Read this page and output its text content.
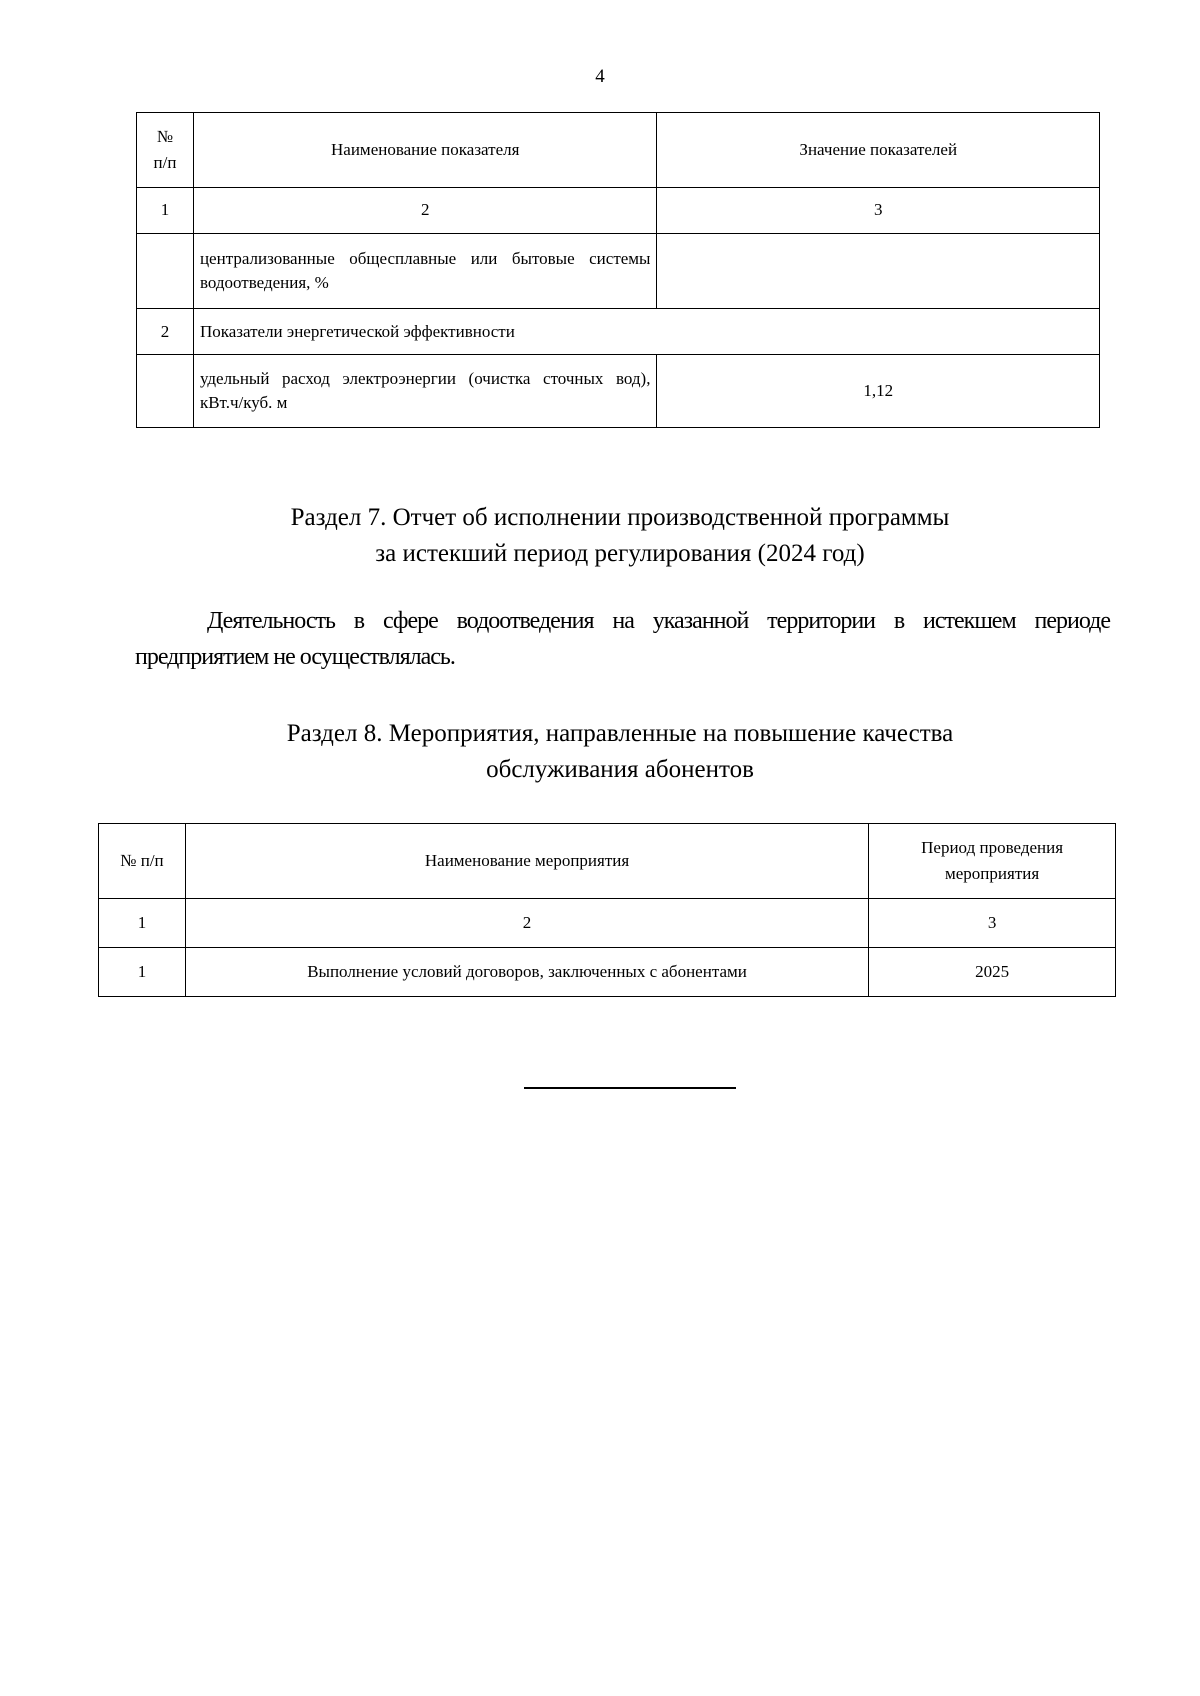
4
№ п/п	Наименование показателя	Значение показателей
1	2	3

	централизованные общесплавные или бытовые системы водоотведения, %	

2	Показатели энергетической эффективности	

	удельный расход электроэнергии (очистка сточных вод), кВт.ч/куб. м	1,12
Раздел 7. Отчет об исполнении производственной программы
за истекший период регулирования (2024 год)
Деятельность в сфере водоотведения на указанной территории в истекшем периоде предприятием не осуществлялась.
Раздел 8. Мероприятия, направленные на повышение качества
обслуживания абонентов
№ п/п	Наименование мероприятия	Период проведения
мероприятия

1	2	3
1	Выполнение условий договоров, заключенных с абонентами	2025
